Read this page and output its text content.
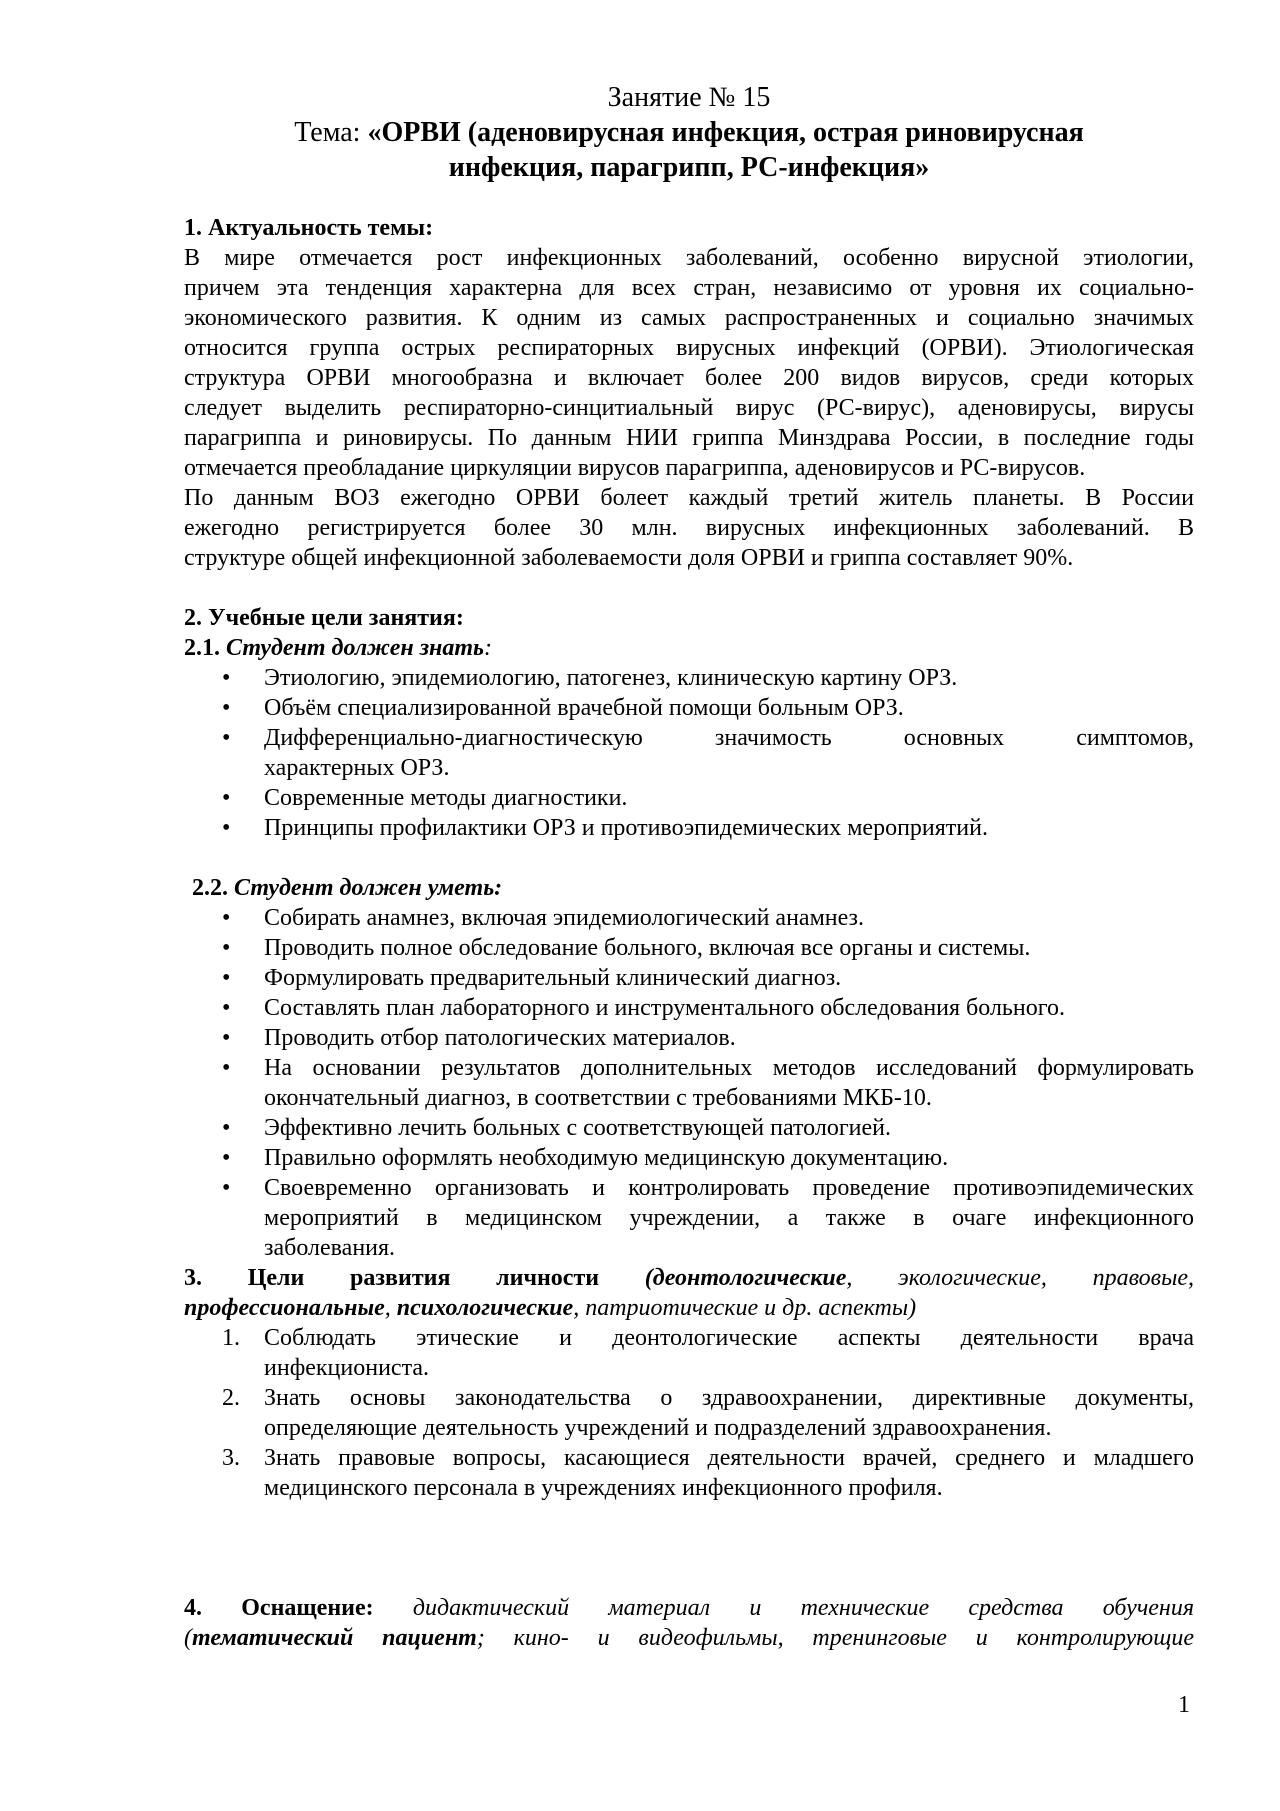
Занятие № 15
Тема: «ОРВИ (аденовирусная инфекция, острая риновирусная
инфекция, парагрипп, РС-инфекция»
1. Актуальность темы:
В мире отмечается рост инфекционных заболеваний, особенно вирусной этиологии,
причем эта тенденция характерна для всех стран, независимо от уровня их социально-
экономического развития. К одним из самых распространенных и социально значимых
относится группа острых респираторных вирусных инфекций (ОРВИ). Этиологическая
структура ОРВИ многообразна и включает более 200 видов вирусов, среди которых
следует выделить респираторно-синцитиальный вирус (РС-вирус), аденовирусы, вирусы
парагриппа и риновирусы. По данным НИИ гриппа Минздрава России, в последние годы
отмечается преобладание циркуляции вирусов парагриппа, аденовирусов и РС-вирусов.
По данным ВОЗ ежегодно ОРВИ болеет каждый третий житель планеты. В России
ежегодно регистрируется более 30 млн. вирусных инфекционных заболеваний. В
структуре общей инфекционной заболеваемости доля ОРВИ и гриппа составляет 90%.
2. Учебные цели занятия:
2.1. Студент должен знать:
• Этиологию, эпидемиологию, патогенез, клиническую картину ОРЗ.
• Объём специализированной врачебной помощи больным ОРЗ.
• Дифференциально-диагностическую значимость основных симптомов,
характерных ОРЗ.
• Современные методы диагностики.
• Принципы профилактики ОРЗ и противоэпидемических мероприятий.
2.2. Студент должен уметь:
• Собирать анамнез, включая эпидемиологический анамнез.
• Проводить полное обследование больного, включая все органы и системы.
• Формулировать предварительный клинический диагноз.
• Составлять план лабораторного и инструментального обследования больного.
• Проводить отбор патологических материалов.
• На основании результатов дополнительных методов исследований формулировать
окончательный диагноз, в соответствии с требованиями МКБ-10.
• Эффективно лечить больных с соответствующей патологией.
• Правильно оформлять необходимую медицинскую документацию.
• Своевременно организовать и контролировать проведение противоэпидемических
мероприятий в медицинском учреждении, а также в очаге инфекционного
заболевания.
3. Цели развития личности (деонтологические, экологические, правовые,
профессиональные, психологические, патриотические и др. аспекты)
1. Соблюдать этические и деонтологические аспекты деятельности врача
инфекциониста.
2. Знать основы законодательства о здравоохранении, директивные документы,
определяющие деятельность учреждений и подразделений здравоохранения.
3. Знать правовые вопросы, касающиеся деятельности врачей, среднего и младшего
медицинского персонала в учреждениях инфекционного профиля.
4. Оснащение: дидактический материал и технические средства обучения
(тематический пациент; кино- и видеофильмы, тренинговые и контролирующие
1
